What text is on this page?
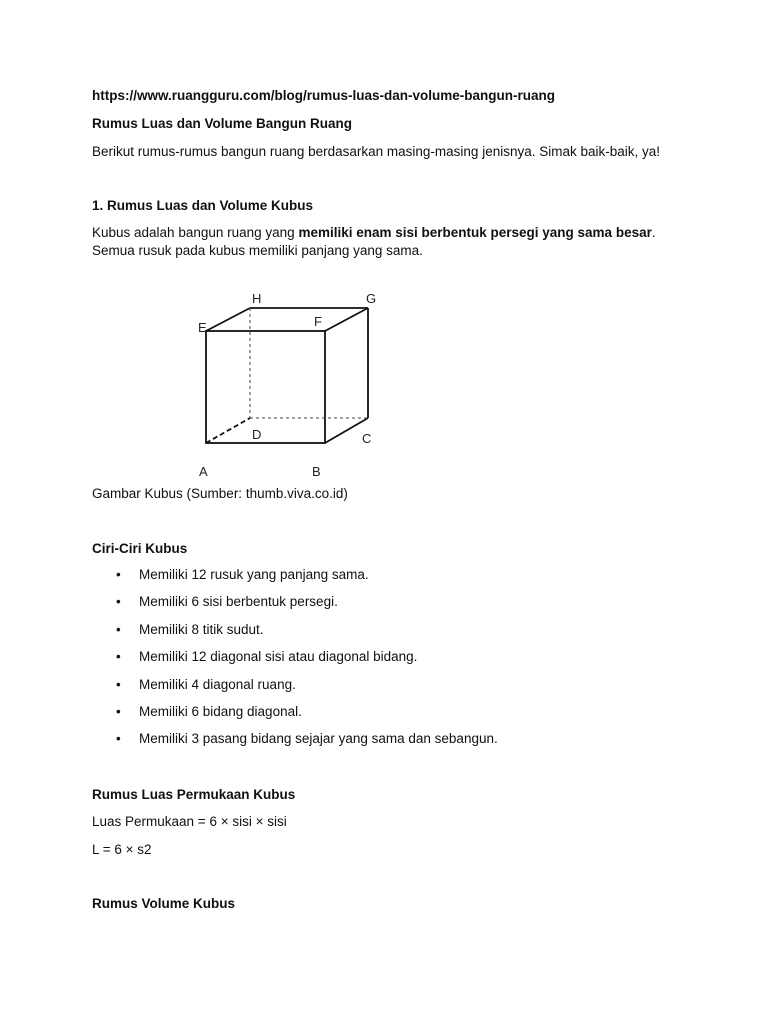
https://www.ruangguru.com/blog/rumus-luas-dan-volume-bangun-ruang
Rumus Luas dan Volume Bangun Ruang
Berikut rumus-rumus bangun ruang berdasarkan masing-masing jenisnya. Simak baik-baik, ya!
1. Rumus Luas dan Volume Kubus
Kubus adalah bangun ruang yang memiliki enam sisi berbentuk persegi yang sama besar. Semua rusuk pada kubus memiliki panjang yang sama.
A	B
C
D
E	F
G
H
Gambar Kubus (Sumber: thumb.viva.co.id)
Ciri-Ciri Kubus
• Memiliki 12 rusuk yang panjang sama.
• Memiliki 6 sisi berbentuk persegi.
• Memiliki 8 titik sudut.
• Memiliki 12 diagonal sisi atau diagonal bidang.
• Memiliki 4 diagonal ruang.
• Memiliki 6 bidang diagonal.
• Memiliki 3 pasang bidang sejajar yang sama dan sebangun.
Rumus Luas Permukaan Kubus
Luas Permukaan = 6 × sisi × sisi
L = 6 × s2
Rumus Volume Kubus
